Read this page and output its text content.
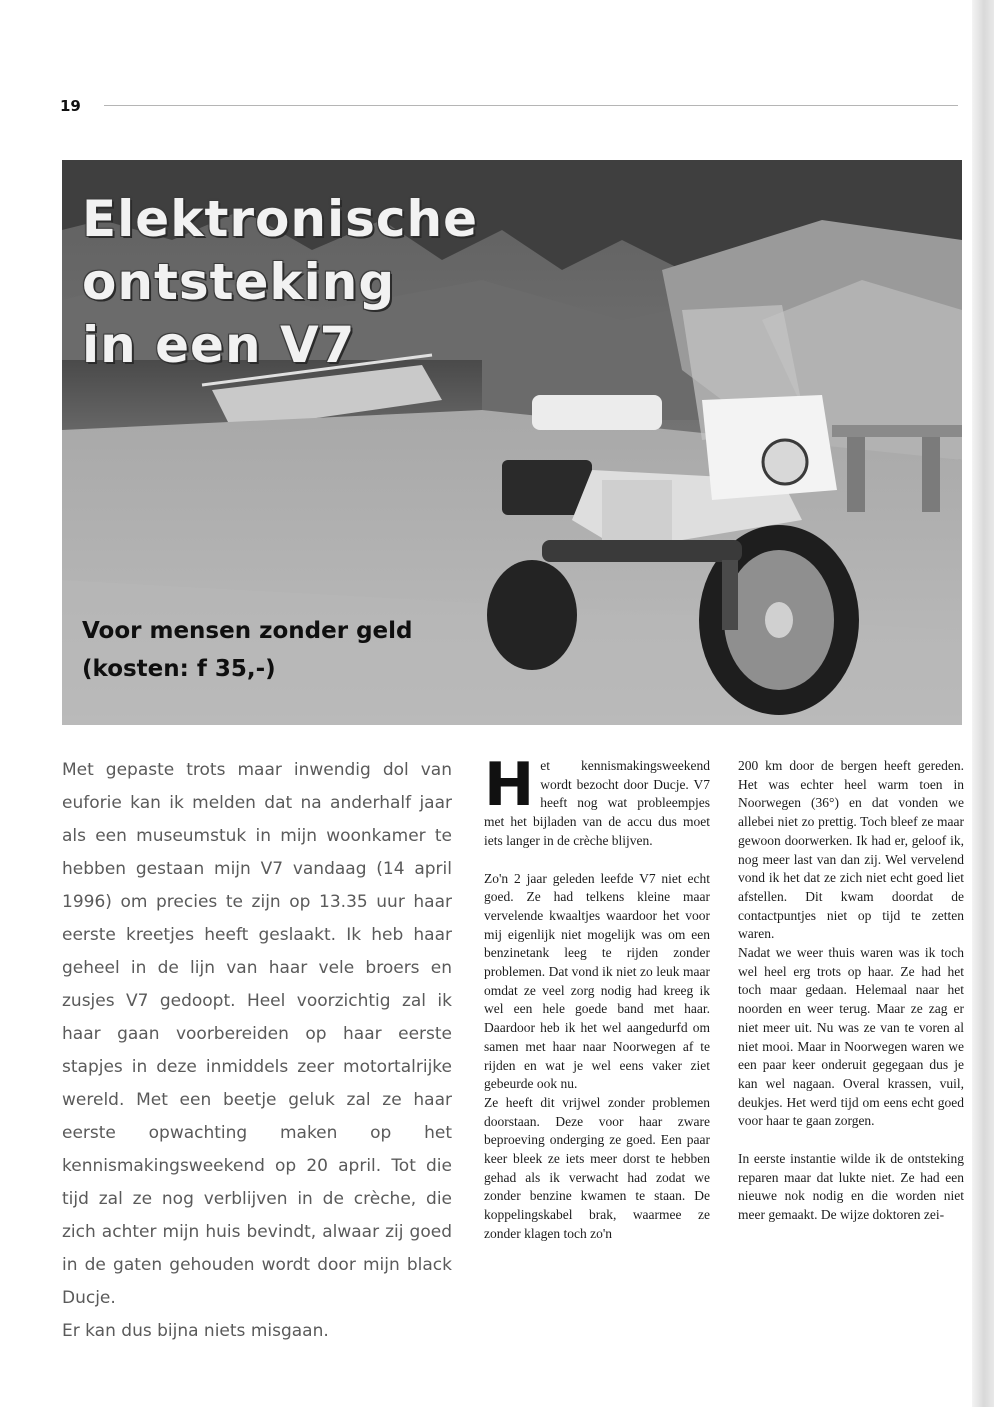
19
Elektronische
ontsteking
in een V7
Voor mensen zonder geld
(kosten: f 35,-)

Met gepaste trots maar inwendig dol van euforie kan ik melden dat na anderhalf jaar als een museumstuk in mijn woonkamer te hebben gestaan mijn V7 vandaag (14 april 1996) om precies te zijn op 13.35 uur haar eerste kreetjes heeft geslaakt. Ik heb haar geheel in de lijn van haar vele broers en zusjes V7 gedoopt. Heel voorzichtig zal ik haar gaan voorbereiden op haar eerste stapjes in deze inmiddels zeer motortalrijke wereld. Met een beetje geluk zal ze haar eerste opwachting maken op het kennismakingsweekend op 20 april. Tot die tijd zal ze nog verblijven in de crèche, die zich achter mijn huis bevindt, alwaar zij goed in de gaten gehouden wordt door mijn black Ducje.

Er kan dus bijna niets misgaan.

Het kennismakingsweekend wordt bezocht door Ducje. V7 heeft nog wat probleempjes met het bijladen van de accu dus moet iets langer in de crèche blijven.

Zo'n 2 jaar geleden leefde V7 niet echt goed. Ze had telkens kleine maar vervelende kwaaltjes waardoor het voor mij eigenlijk niet mogelijk was om een benzinetank leeg te rijden zonder problemen. Dat vond ik niet zo leuk maar omdat ze veel zorg nodig had kreeg ik wel een hele goede band met haar. Daardoor heb ik het wel aangedurfd om samen met haar naar Noorwegen af te rijden en wat je wel eens vaker ziet gebeurde ook nu.

Ze heeft dit vrijwel zonder problemen doorstaan. Deze voor haar zware beproeving onderging ze goed. Een paar keer bleek ze iets meer dorst te hebben gehad als ik verwacht had zodat we zonder benzine kwamen te staan. De koppelingskabel brak, waarmee ze zonder klagen toch zo'n

200 km door de bergen heeft gereden. Het was echter heel warm toen in Noorwegen (36°) en dat vonden we allebei niet zo prettig. Toch bleef ze maar gewoon doorwerken. Ik had er, geloof ik, nog meer last van dan zij. Wel vervelend vond ik het dat ze zich niet echt goed liet afstellen. Dit kwam doordat de contactpuntjes niet op tijd te zetten waren.

Nadat we weer thuis waren was ik toch wel heel erg trots op haar. Ze had het toch maar gedaan. Helemaal naar het noorden en weer terug. Maar ze zag er niet meer uit. Nu was ze van te voren al niet mooi. Maar in Noorwegen waren we een paar keer onderuit gegegaan dus je kan wel nagaan. Overal krassen, vuil, deukjes. Het werd tijd om eens echt goed voor haar te gaan zorgen.

In eerste instantie wilde ik de ontsteking reparen maar dat lukte niet. Ze had een nieuwe nok nodig en die worden niet meer gemaakt. De wijze doktoren zei-
